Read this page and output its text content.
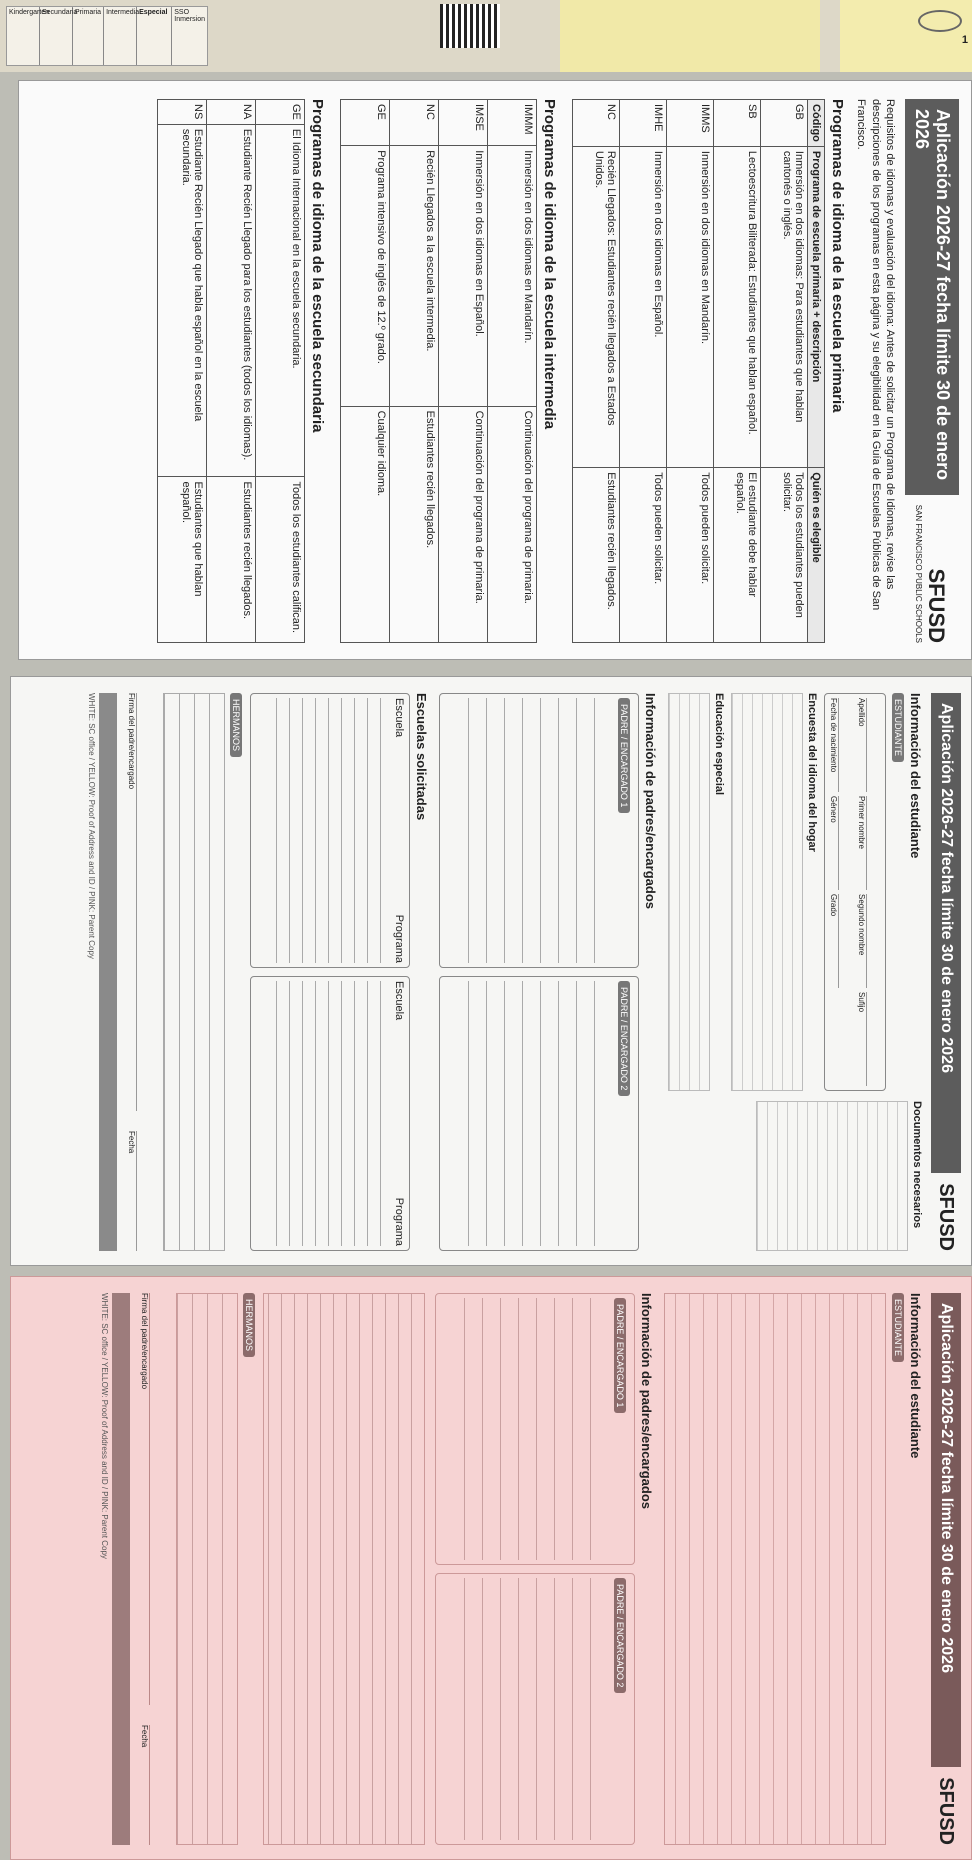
Kindergarten
Secundaria
Primaria Intermedia Especial SSO Inmersion
1
Aplicación 2026-27 fecha límite 30 de enero 2026
SFUSD
SAN FRANCISCO PUBLIC SCHOOLS
Requisitos de idiomas y evaluación del idioma: Antes de solicitar un Programa de Idiomas, revise las descripciones de los programas en esta página y su elegibilidad en la Guía de Escuelas Públicas de San Francisco.
Programas de idioma de la escuela primaria
Código	Programa de escuela primaria + descripción	Quién es elegible
GB	Inmersión en dos idiomas: Para estudiantes que hablan cantonés o inglés.	Todos los estudiantes pueden solicitar.
SB	Lectoescritura Biliterada: Estudiantes que hablan español.	El estudiante debe hablar español.
IMMS	Inmersión en dos idiomas en Mandarín.	Todos pueden solicitar.
IMHE	Inmersión en dos idiomas en Español.	Todos pueden solicitar.
NC	Recién Llegados: Estudiantes recién llegados a Estados Unidos.	Estudiantes recién llegados.
Programas de idioma de la escuela intermedia
IMMM	Inmersión en dos idiomas en Mandarín.	Continuación del programa de primaria.
IMSE	Inmersión en dos idiomas en Español.	Continuación del programa de primaria.
NC	Recién Llegados a la escuela intermedia.	Estudiantes recién llegados.
GE	Programa intensivo de inglés de 12.º grado.	Cualquier idioma.
Programas de idioma de la escuela secundaria
GE	El Idioma Internacional en la escuela secundaria.	Todos los estudiantes califican.
NA	Estudiante Recién Llegado para los estudiantes (todos los idiomas).	Estudiantes recién llegados.
NS	Estudiante Recién Llegado que habla español en la escuela secundaria.	Estudiantes que hablan español.
Aplicación 2026-27 fecha límite 30 de enero 2026
SFUSD
Información del estudiante
ESTUDIANTE
Apellido
Primer nombre
Segundo nombre
Sufijo
Fecha de nacimiento
Género
Grado
Encuesta del idioma del hogar
Educación especial
Documentos necesarios
Información de padres/encargados
PADRE / ENCARGADO 1
PADRE / ENCARGADO 2
Escuelas solicitadas
Escuela
Programa
Escuela
Programa
HERMANOS
Firma del padre/encargado
Fecha
WHITE: SC office / YELLOW: Proof of Address and ID / PINK: Parent Copy
Aplicación 2026-27 fecha límite 30 de enero 2026
SFUSD
Información del estudiante
ESTUDIANTE
Información de padres/encargados
PADRE / ENCARGADO 1
PADRE / ENCARGADO 2
HERMANOS
Firma del padre/encargado
Fecha
WHITE: SC office / YELLOW: Proof of Address and ID / PINK: Parent Copy
